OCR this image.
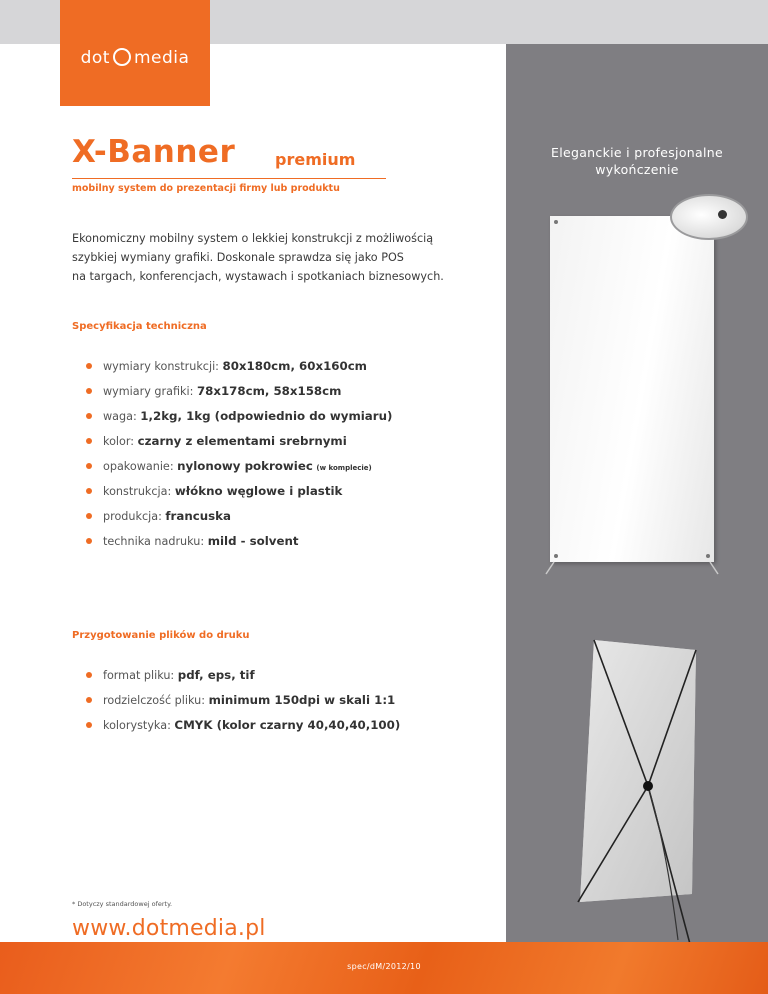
dot media
Eleganckie i profesjonalne
wykończenie
X-Banner premium
mobilny system do prezentacji firmy lub produktu

Ekonomiczny mobilny system o lekkiej konstrukcji z możliwością

szybkiej wymiany grafiki. Doskonale sprawdza się jako POS

na targach, konferencjach, wystawach i spotkaniach biznesowych.

Specyfikacja techniczna
wymiary konstrukcji: 80x180cm, 60x160cm
wymiary grafiki: 78x178cm, 58x158cm
waga: 1,2kg, 1kg (odpowiednio do wymiaru)
kolor: czarny z elementami srebrnymi
opakowanie: nylonowy pokrowiec (w komplecie)
konstrukcja: włókno węglowe i plastik
produkcja: francuska
technika nadruku: mild - solvent
Przygotowanie plików do druku
format pliku: pdf, eps, tif
rodzielczość pliku: minimum 150dpi w skali 1:1
kolorystyka: CMYK (kolor czarny 40,40,40,100)
* Dotyczy standardowej oferty.
www.dotmedia.pl
spec/dM/2012/10
